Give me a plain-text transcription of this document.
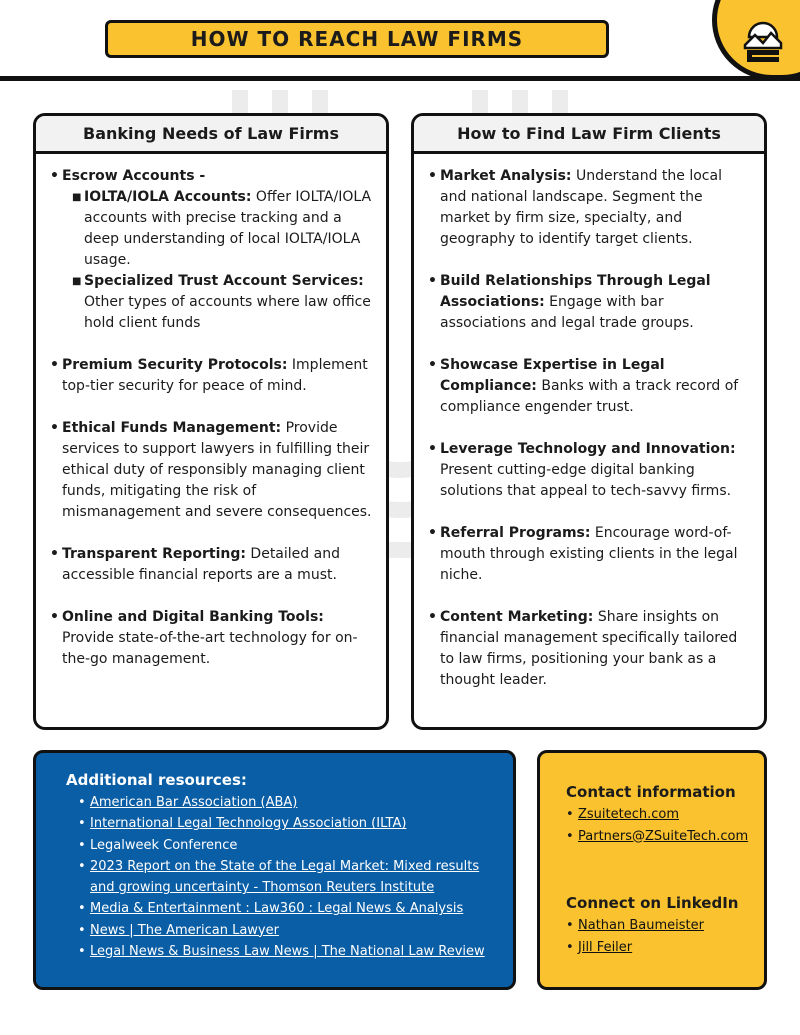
HOW TO REACH LAW FIRMS
Banking Needs of Law Firms
• Escrow Accounts -
■ IOLTA/IOLA Accounts: Offer IOLTA/IOLA accounts with precise tracking and a deep understanding of local IOLTA/IOLA usage.
■ Specialized Trust Account Services: Other types of accounts where law office hold client funds
• Premium Security Protocols: Implement top-tier security for peace of mind.
• Ethical Funds Management: Provide services to support lawyers in fulfilling their ethical duty of responsibly managing client funds, mitigating the risk of mismanagement and severe consequences.
• Transparent Reporting: Detailed and accessible financial reports are a must.
• Online and Digital Banking Tools: Provide state-of-the-art technology for on-the-go management.
How to Find Law Firm Clients
• Market Analysis: Understand the local and national landscape. Segment the market by firm size, specialty, and geography to identify target clients.
• Build Relationships Through Legal Associations: Engage with bar associations and legal trade groups.
• Showcase Expertise in Legal Compliance: Banks with a track record of compliance engender trust.
• Leverage Technology and Innovation: Present cutting-edge digital banking solutions that appeal to tech-savvy firms.
• Referral Programs: Encourage word-of-mouth through existing clients in the legal niche.
• Content Marketing: Share insights on financial management specifically tailored to law firms, positioning your bank as a thought leader.
Additional resources:
• American Bar Association (ABA)
• International Legal Technology Association (ILTA)
• Legalweek Conference
• 2023 Report on the State of the Legal Market: Mixed results
and growing uncertainty - Thomson Reuters Institute
• Media & Entertainment : Law360 : Legal News & Analysis
• News | The American Lawyer
• Legal News & Business Law News | The National Law Review
Contact information
• Zsuitetech.com
• Partners@ZSuiteTech.com
Connect on LinkedIn
• Nathan Baumeister
• Jill Feiler
